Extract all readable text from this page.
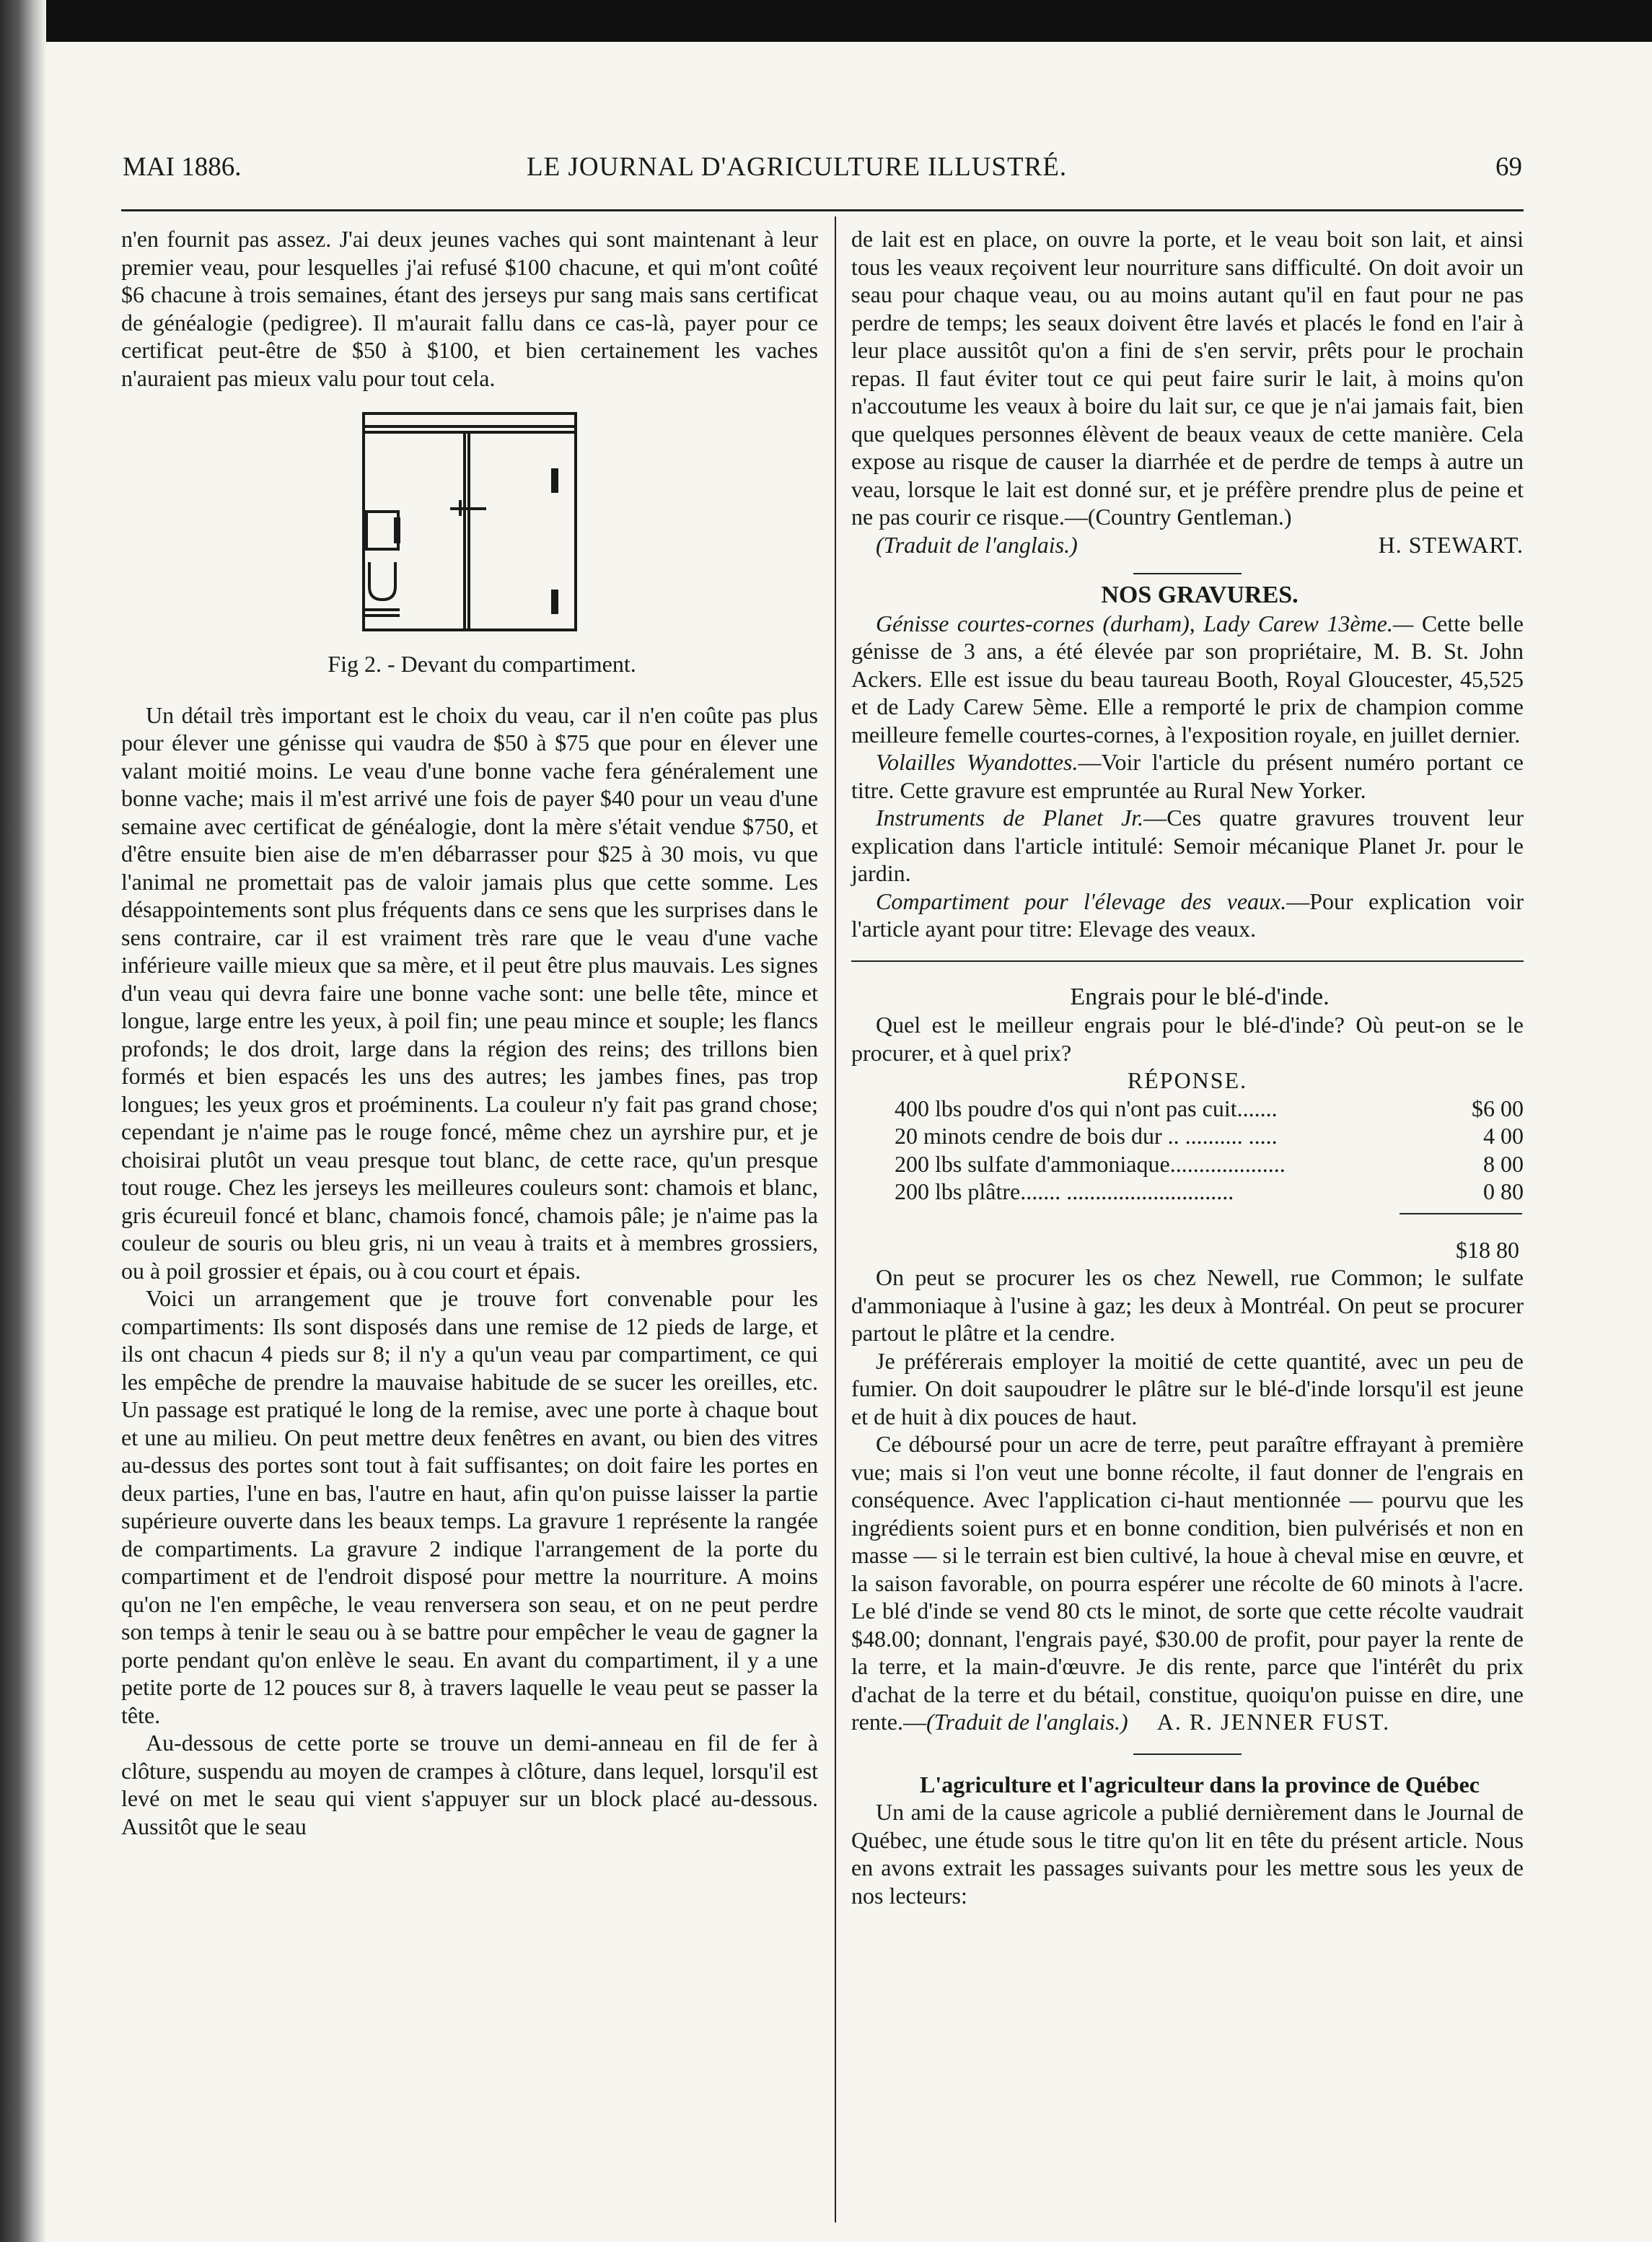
MAI 1886.	LE JOURNAL D'AGRICULTURE ILLUSTRÉ.	69

n'en fournit pas assez. J'ai deux jeunes vaches qui sont maintenant à leur premier veau, pour lesquelles j'ai refusé $100 chacune, et qui m'ont coûté $6 chacune à trois semaines, étant des jerseys pur sang mais sans certificat de généalogie (pedigree). Il m'aurait fallu dans ce cas-là, payer pour ce certificat peut-être de $50 à $100, et bien certainement les vaches n'auraient pas mieux valu pour tout cela.

Fig 2. - Devant du compartiment.

Un détail très important est le choix du veau, car il n'en coûte pas plus pour élever une génisse qui vaudra de $50 à $75 que pour en élever une valant moitié moins. Le veau d'une bonne vache fera généralement une bonne vache; mais il m'est arrivé une fois de payer $40 pour un veau d'une semaine avec certificat de généalogie, dont la mère s'était vendue $750, et d'être ensuite bien aise de m'en débarrasser pour $25 à 30 mois, vu que l'animal ne promettait pas de valoir jamais plus que cette somme. Les désappointements sont plus fréquents dans ce sens que les surprises dans le sens contraire, car il est vraiment très rare que le veau d'une vache inférieure vaille mieux que sa mère, et il peut être plus mauvais. Les signes d'un veau qui devra faire une bonne vache sont: une belle tête, mince et longue, large entre les yeux, à poil fin; une peau mince et souple; les flancs profonds; le dos droit, large dans la région des reins; des trillons bien formés et bien espacés les uns des autres; les jambes fines, pas trop longues; les yeux gros et proéminents. La couleur n'y fait pas grand chose; cependant je n'aime pas le rouge foncé, même chez un ayrshire pur, et je choisirai plutôt un veau presque tout blanc, de cette race, qu'un presque tout rouge. Chez les jerseys les meilleures couleurs sont: chamois et blanc, gris écureuil foncé et blanc, chamois foncé, chamois pâle; je n'aime pas la couleur de souris ou bleu gris, ni un veau à traits et à membres grossiers, ou à poil grossier et épais, ou à cou court et épais.

Voici un arrangement que je trouve fort convenable pour les compartiments: Ils sont disposés dans une remise de 12 pieds de large, et ils ont chacun 4 pieds sur 8; il n'y a qu'un veau par compartiment, ce qui les empêche de prendre la mauvaise habitude de se sucer les oreilles, etc. Un passage est pratiqué le long de la remise, avec une porte à chaque bout et une au milieu. On peut mettre deux fenêtres en avant, ou bien des vitres au-dessus des portes sont tout à fait suffisantes; on doit faire les portes en deux parties, l'une en bas, l'autre en haut, afin qu'on puisse laisser la partie supérieure ouverte dans les beaux temps. La gravure 1 représente la rangée de compartiments. La gravure 2 indique l'arrangement de la porte du compartiment et de l'endroit disposé pour mettre la nourriture. A moins qu'on ne l'en empêche, le veau renversera son seau, et on ne peut perdre son temps à tenir le seau ou à se battre pour empêcher le veau de gagner la porte pendant qu'on enlève le seau. En avant du compartiment, il y a une petite porte de 12 pouces sur 8, à travers laquelle le veau peut se passer la tête.

Au-dessous de cette porte se trouve un demi-anneau en fil de fer à clôture, suspendu au moyen de crampes à clôture, dans lequel, lorsqu'il est levé on met le seau qui vient s'appuyer sur un block placé au-dessous. Aussitôt que le seau

de lait est en place, on ouvre la porte, et le veau boit son lait, et ainsi tous les veaux reçoivent leur nourriture sans difficulté. On doit avoir un seau pour chaque veau, ou au moins autant qu'il en faut pour ne pas perdre de temps; les seaux doivent être lavés et placés le fond en l'air à leur place aussitôt qu'on a fini de s'en servir, prêts pour le prochain repas. Il faut éviter tout ce qui peut faire surir le lait, à moins qu'on n'accoutume les veaux à boire du lait sur, ce que je n'ai jamais fait, bien que quelques personnes élèvent de beaux veaux de cette manière. Cela expose au risque de causer la diarrhée et de perdre de temps à autre un veau, lorsque le lait est donné sur, et je préfère prendre plus de peine et ne pas courir ce risque.—(Country Gentleman.)

(Traduit de l'anglais.)	H. STEWART.

NOS GRAVURES.

Génisse courtes-cornes (durham), Lady Carew 13ème.— Cette belle génisse de 3 ans, a été élevée par son propriétaire, M. B. St. John Ackers. Elle est issue du beau taureau Booth, Royal Gloucester, 45,525 et de Lady Carew 5ème. Elle a remporté le prix de champion comme meilleure femelle courtes-cornes, à l'exposition royale, en juillet dernier.

Volailles Wyandottes.—Voir l'article du présent numéro portant ce titre. Cette gravure est empruntée au Rural New Yorker.

Instruments de Planet Jr.—Ces quatre gravures trouvent leur explication dans l'article intitulé: Semoir mécanique Planet Jr. pour le jardin.

Compartiment pour l'élevage des veaux.—Pour explication voir l'article ayant pour titre: Elevage des veaux.

Engrais pour le blé-d'inde.

Quel est le meilleur engrais pour le blé-d'inde? Où peut-on se le procurer, et à quel prix?

RÉPONSE.

400 lbs poudre d'os qui n'ont pas cuit.......	$6 00
20 minots cendre de bois dur .. .......... .....	4 00
200 lbs sulfate d'ammoniaque....................	8 00
200 lbs plâtre....... .............................	0 80
$18 80

On peut se procurer les os chez Newell, rue Common; le sulfate d'ammoniaque à l'usine à gaz; les deux à Montréal. On peut se procurer partout le plâtre et la cendre.

Je préférerais employer la moitié de cette quantité, avec un peu de fumier. On doit saupoudrer le plâtre sur le blé-d'inde lorsqu'il est jeune et de huit à dix pouces de haut.

Ce déboursé pour un acre de terre, peut paraître effrayant à première vue; mais si l'on veut une bonne récolte, il faut donner de l'engrais en conséquence. Avec l'application ci-haut mentionnée — pourvu que les ingrédients soient purs et en bonne condition, bien pulvérisés et non en masse — si le terrain est bien cultivé, la houe à cheval mise en œuvre, et la saison favorable, on pourra espérer une récolte de 60 minots à l'acre. Le blé d'inde se vend 80 cts le minot, de sorte que cette récolte vaudrait $48.00; donnant, l'engrais payé, $30.00 de profit, pour payer la rente de la terre, et la main-d'œuvre. Je dis rente, parce que l'intérêt du prix d'achat de la terre et du bétail, constitue, quoiqu'on puisse en dire, une rente.—(Traduit de l'anglais.) A. R. JENNER FUST.

L'agriculture et l'agriculteur dans la province de Québec

Un ami de la cause agricole a publié dernièrement dans le Journal de Québec, une étude sous le titre qu'on lit en tête du présent article. Nous en avons extrait les passages suivants pour les mettre sous les yeux de nos lecteurs:
